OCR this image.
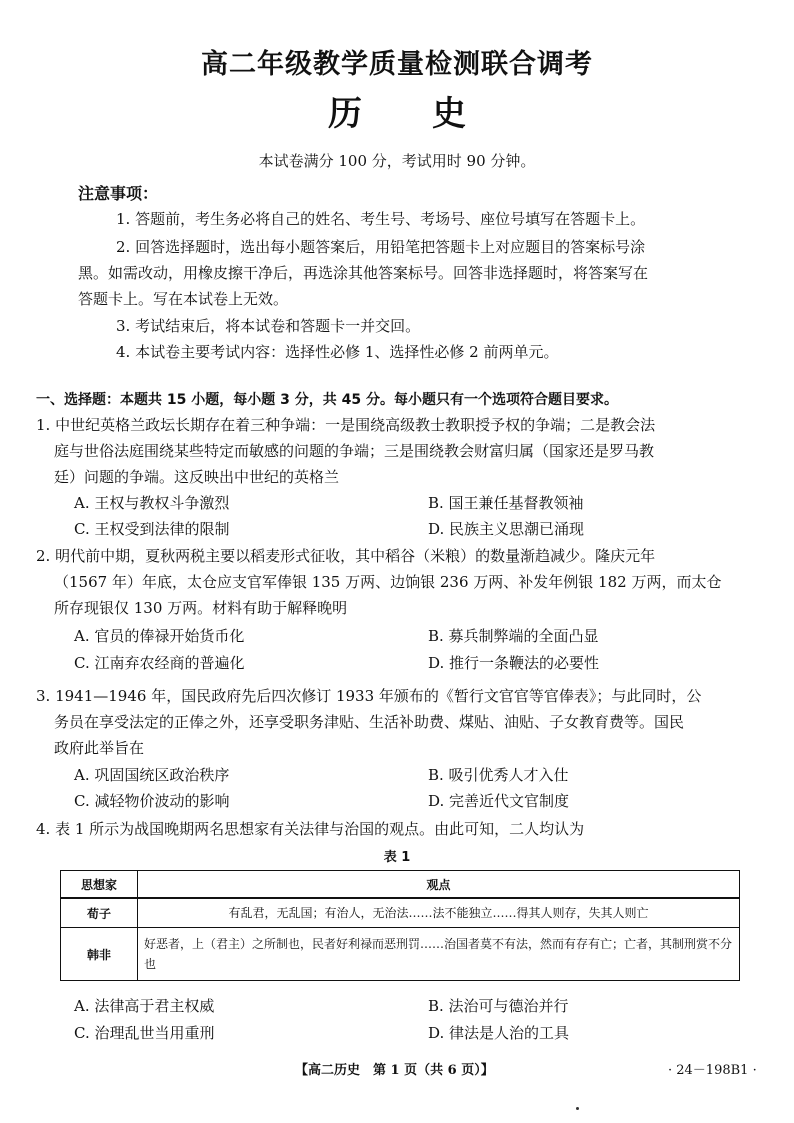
高二年级教学质量检测联合调考
历 史
本试卷满分 100 分，考试用时 90 分钟。
注意事项：
1. 答题前，考生务必将自己的姓名、考生号、考场号、座位号填写在答题卡上。
2. 回答选择题时，选出每小题答案后，用铅笔把答题卡上对应题目的答案标号涂
黑。如需改动，用橡皮擦干净后，再选涂其他答案标号。回答非选择题时，将答案写在
答题卡上。写在本试卷上无效。
3. 考试结束后，将本试卷和答题卡一并交回。
4. 本试卷主要考试内容：选择性必修 1、选择性必修 2 前两单元。
一、选择题：本题共 15 小题，每小题 3 分，共 45 分。每小题只有一个选项符合题目要求。
1. 中世纪英格兰政坛长期存在着三种争端：一是围绕高级教士教职授予权的争端；二是教会法
庭与世俗法庭围绕某些特定而敏感的问题的争端；三是围绕教会财富归属（国家还是罗马教
廷）问题的争端。这反映出中世纪的英格兰
A. 王权与教权斗争激烈	B. 国王兼任基督教领袖
C. 王权受到法律的限制	D. 民族主义思潮已涌现
2. 明代前中期，夏秋两税主要以稻麦形式征收，其中稻谷（米粮）的数量渐趋减少。隆庆元年
（1567 年）年底，太仓应支官军俸银 135 万两、边饷银 236 万两、补发年例银 182 万两，而太仓
所存现银仅 130 万两。材料有助于解释晚明
A. 官员的俸禄开始货币化	B. 募兵制弊端的全面凸显
C. 江南弃农经商的普遍化	D. 推行一条鞭法的必要性
3. 1941—1946 年，国民政府先后四次修订 1933 年颁布的《暂行文官官等官俸表》；与此同时，公
务员在享受法定的正俸之外，还享受职务津贴、生活补助费、煤贴、油贴、子女教育费等。国民
政府此举旨在
A. 巩固国统区政治秩序	B. 吸引优秀人才入仕
C. 减轻物价波动的影响	D. 完善近代文官制度
4. 表 1 所示为战国晚期两名思想家有关法律与治国的观点。由此可知，二人均认为
表 1
思想家	观点
荀子	有乱君，无乱国；有治人，无治法……法不能独立……得其人则存，失其人则亡
韩非	好恶者，上（君主）之所制也，民者好利禄而恶刑罚……治国者莫不有法，然而有存有亡；亡者，其制刑赏不分也
A. 法律高于君主权威	B. 法治可与德治并行
C. 治理乱世当用重刑	D. 律法是人治的工具
【高二历史　第 1 页（共 6 页）】	· 24－198B1 ·
